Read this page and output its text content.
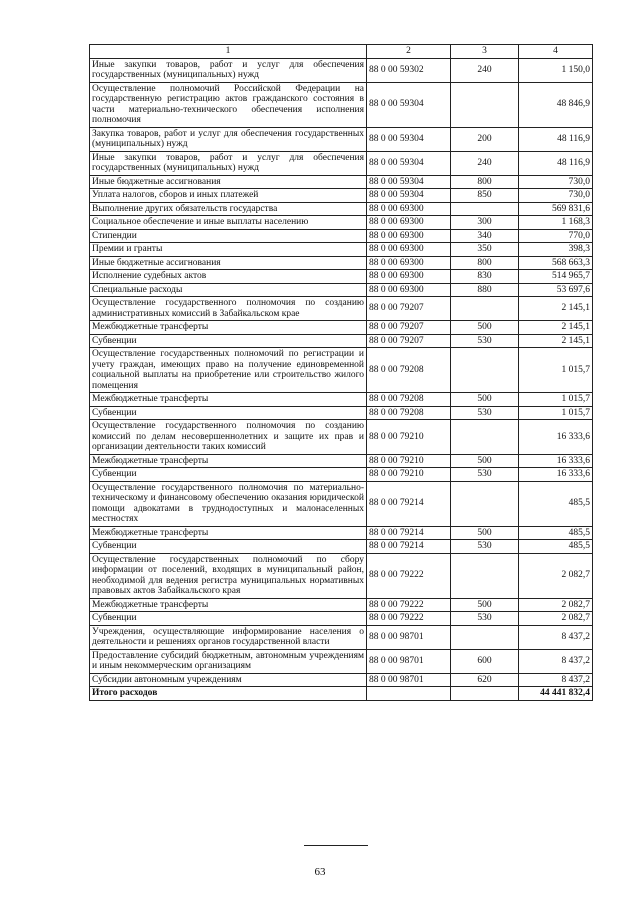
1	2	3	4
Иные закупки товаров, работ и услуг для обеспечения государственных (муниципальных) нужд	88 0 00 59302	240	1 150,0
Осуществление полномочий Российской Федерации на государственную регистрацию актов гражданского состояния в части материально-технического обеспечения исполнения полномочия	88 0 00 59304		48 846,9
Закупка товаров, работ и услуг для обеспечения государственных (муниципальных) нужд	88 0 00 59304	200	48 116,9
Иные закупки товаров, работ и услуг для обеспечения государственных (муниципальных) нужд	88 0 00 59304	240	48 116,9
Иные бюджетные ассигнования	88 0 00 59304	800	730,0
Уплата налогов, сборов и иных платежей	88 0 00 59304	850	730,0
Выполнение других обязательств государства	88 0 00 69300		569 831,6
Социальное обеспечение и иные выплаты населению	88 0 00 69300	300	1 168,3
Стипендии	88 0 00 69300	340	770,0
Премии и гранты	88 0 00 69300	350	398,3
Иные бюджетные ассигнования	88 0 00 69300	800	568 663,3
Исполнение судебных актов	88 0 00 69300	830	514 965,7
Специальные расходы	88 0 00 69300	880	53 697,6
Осуществление государственного полномочия по созданию административных комиссий в Забайкальском крае	88 0 00 79207		2 145,1
Межбюджетные трансферты	88 0 00 79207	500	2 145,1
Субвенции	88 0 00 79207	530	2 145,1
Осуществление государственных полномочий по регистрации и учету граждан, имеющих право на получение единовременной социальной выплаты на приобретение или строительство жилого помещения	88 0 00 79208		1 015,7
Межбюджетные трансферты	88 0 00 79208	500	1 015,7
Субвенции	88 0 00 79208	530	1 015,7
Осуществление государственного полномочия по созданию комиссий по делам несовершеннолетних и защите их прав и организации деятельности таких комиссий	88 0 00 79210		16 333,6
Межбюджетные трансферты	88 0 00 79210	500	16 333,6
Субвенции	88 0 00 79210	530	16 333,6
Осуществление государственного полномочия по материально-техническому и финансовому обеспечению оказания юридической помощи адвокатами в труднодоступных и малонаселенных местностях	88 0 00 79214		485,5
Межбюджетные трансферты	88 0 00 79214	500	485,5
Субвенции	88 0 00 79214	530	485,5
Осуществление государственных полномочий по сбору информации от поселений, входящих в муниципальный район, необходимой для ведения регистра муниципальных нормативных правовых актов Забайкальского края	88 0 00 79222		2 082,7
Межбюджетные трансферты	88 0 00 79222	500	2 082,7
Субвенции	88 0 00 79222	530	2 082,7
Учреждения, осуществляющие информирование населения о деятельности и решениях органов государственной власти	88 0 00 98701		8 437,2
Предоставление субсидий бюджетным, автономным учреждениям и иным некоммерческим организациям	88 0 00 98701	600	8 437,2
Субсидии автономным учреждениям	88 0 00 98701	620	8 437,2
Итого расходов			44 441 832,4
63
